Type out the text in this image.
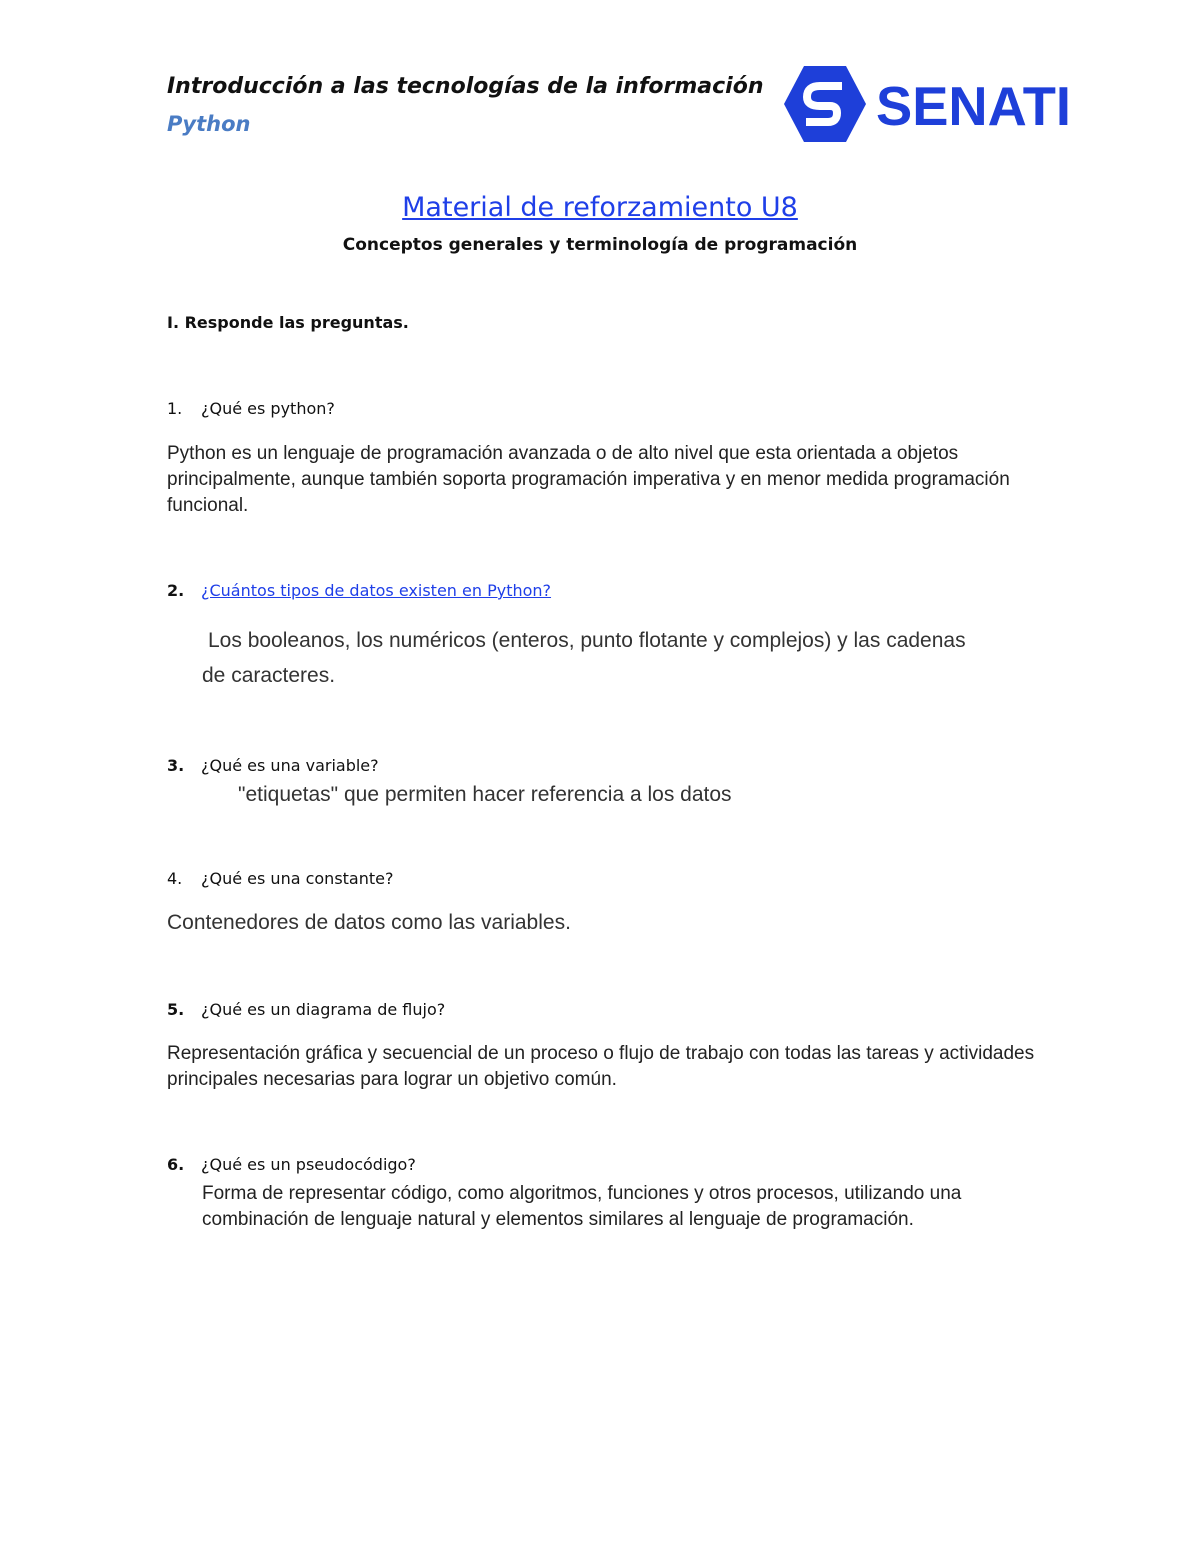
Introducción a las tecnologías de la información
Python	SENATI
Material de reforzamiento U8
Conceptos generales y terminología de programación
I. Responde las preguntas.
1. ¿Qué es python?
Python es un lenguaje de programación avanzada o de alto nivel que esta orientada a objetos principalmente, aunque también soporta programación imperativa y en menor medida programación funcional.
2. ¿Cuántos tipos de datos existen en Python?
Los booleanos, los numéricos (enteros, punto flotante y complejos) y las cadenas de caracteres.
3. ¿Qué es una variable?
"etiquetas" que permiten hacer referencia a los datos
4. ¿Qué es una constante?
Contenedores de datos como las variables.
5. ¿Qué es un diagrama de flujo?
Representación gráfica y secuencial de un proceso o flujo de trabajo con todas las tareas y actividades principales necesarias para lograr un objetivo común.
6. ¿Qué es un pseudocódigo?
Forma de representar código, como algoritmos, funciones y otros procesos, utilizando una combinación de lenguaje natural y elementos similares al lenguaje de programación.
